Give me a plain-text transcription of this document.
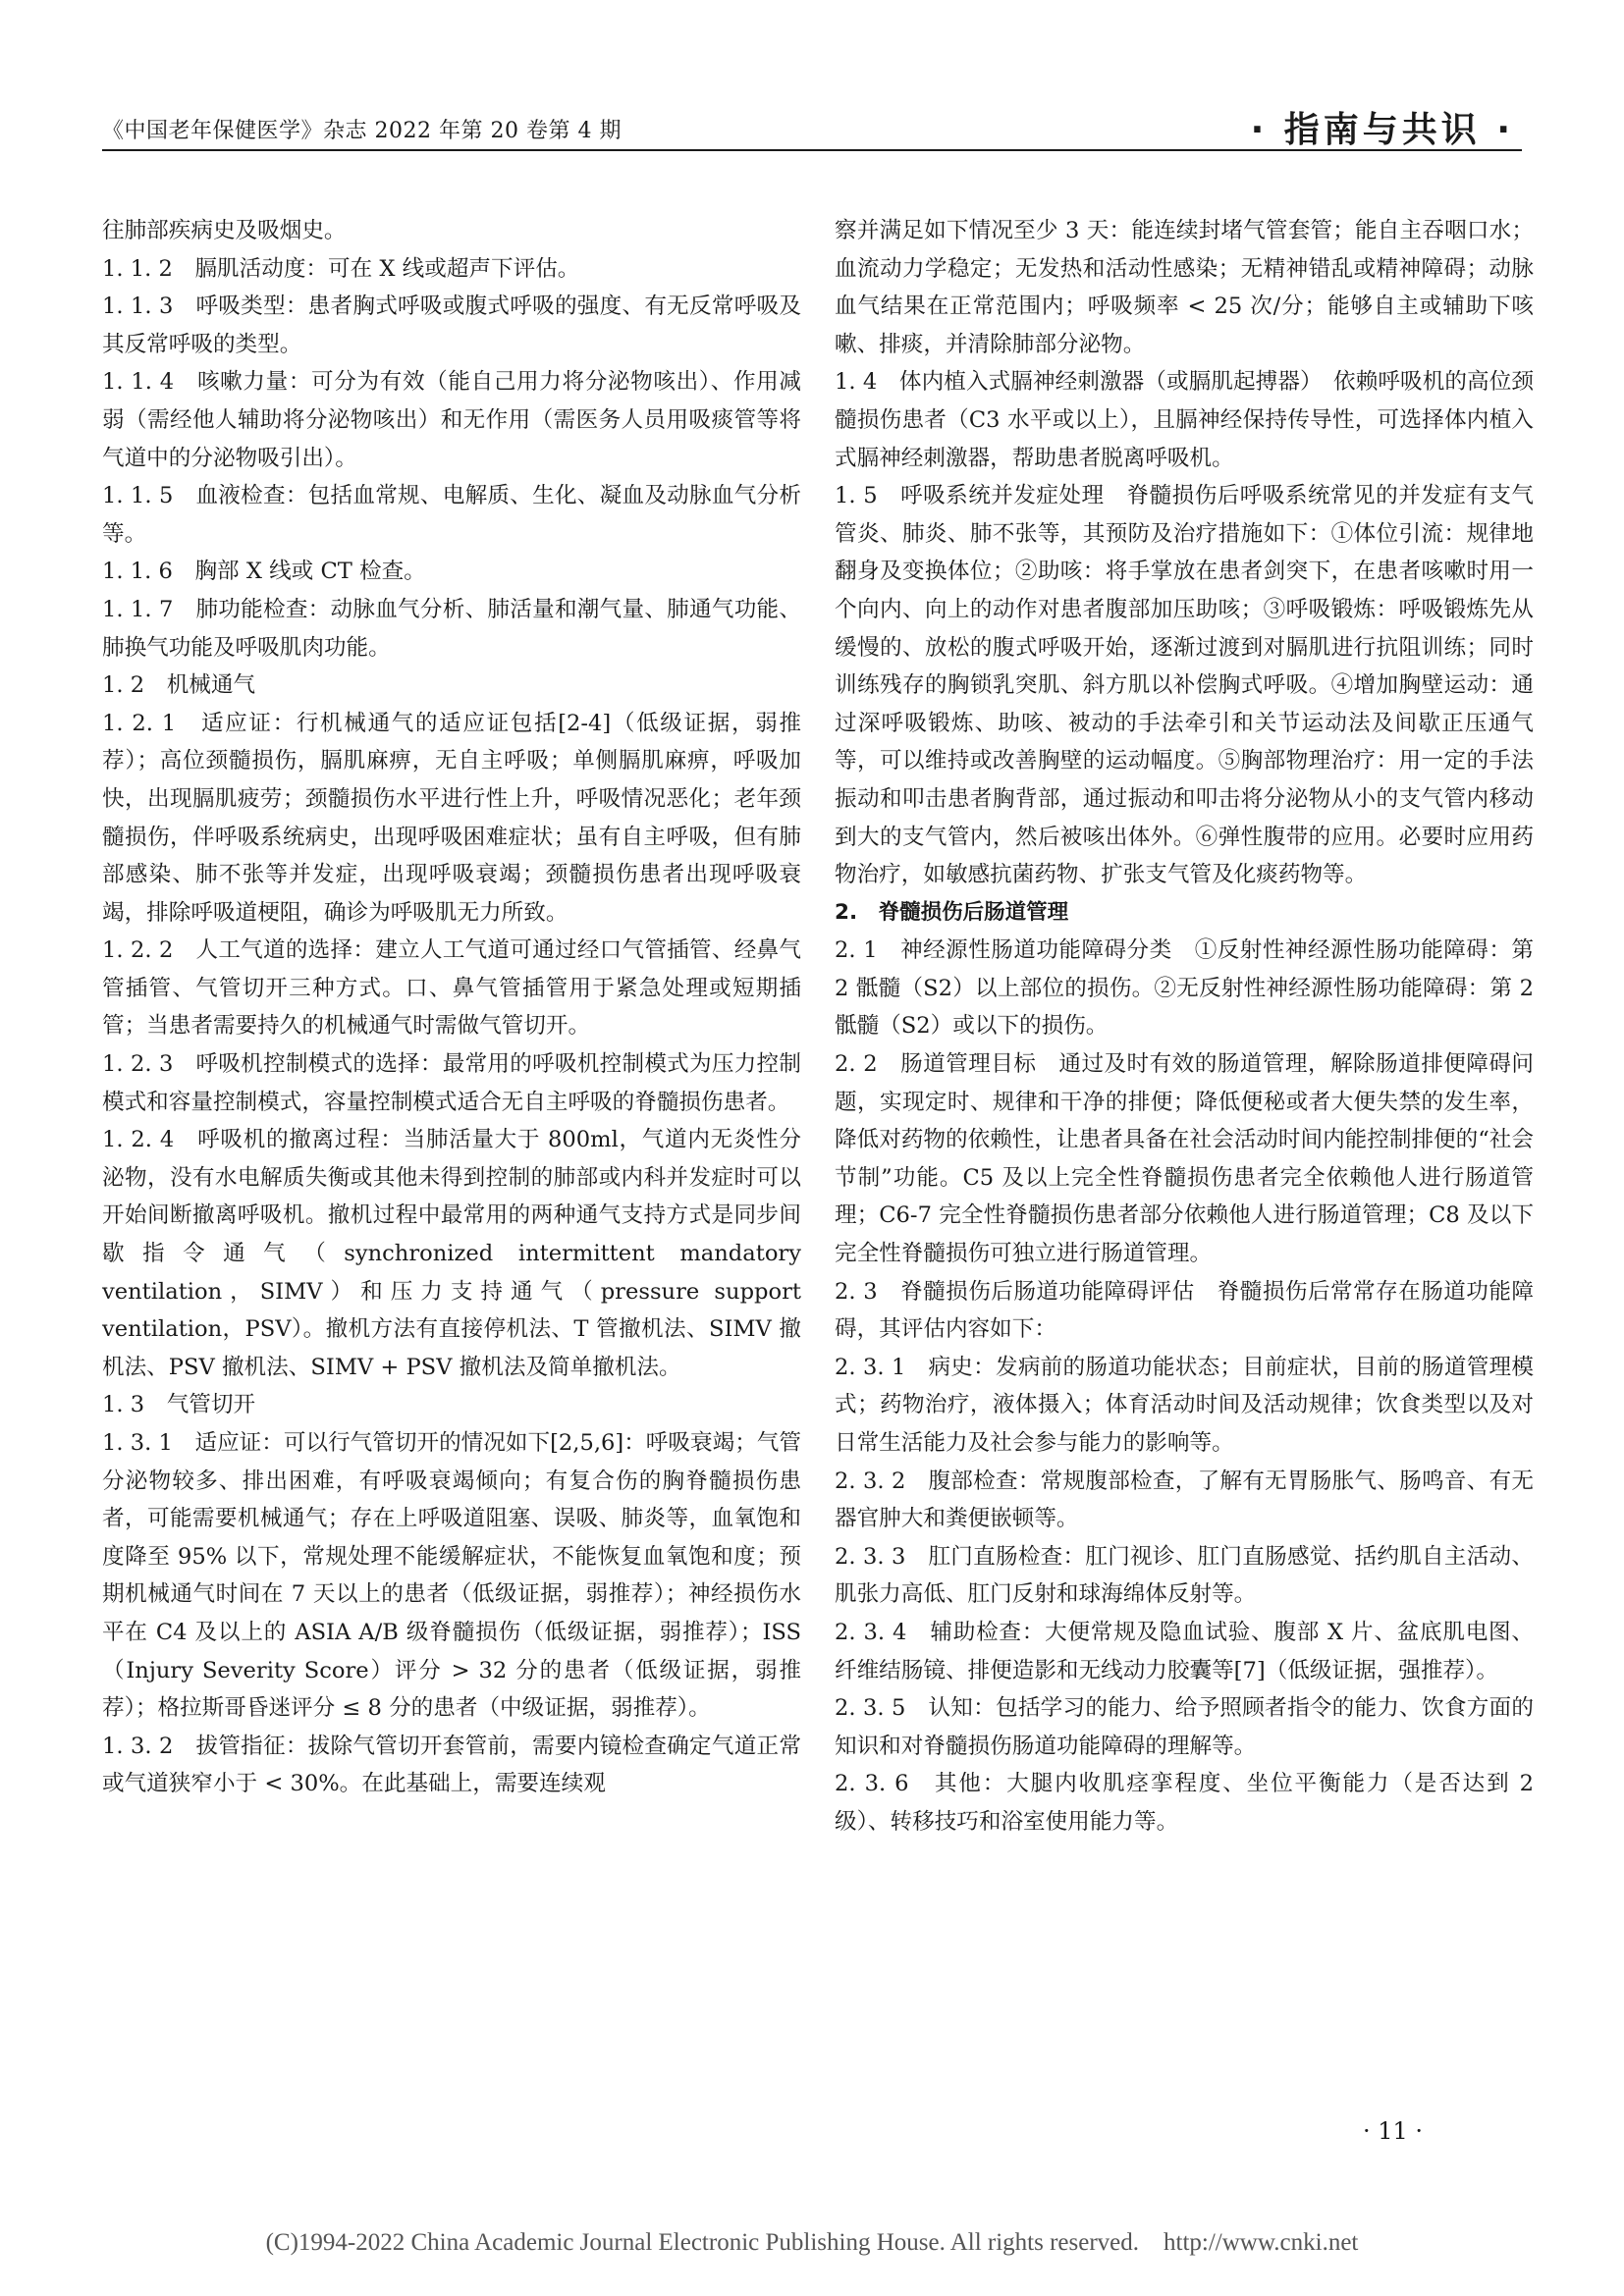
《中国老年保健医学》杂志 2022 年第 20 卷第 4 期	· 指南与共识 ·

往肺部疾病史及吸烟史。

1. 1. 2　膈肌活动度：可在 X 线或超声下评估。

1. 1. 3　呼吸类型：患者胸式呼吸或腹式呼吸的强度、有无反常呼吸及其反常呼吸的类型。

1. 1. 4　咳嗽力量：可分为有效（能自己用力将分泌物咳出）、作用减弱（需经他人辅助将分泌物咳出）和无作用（需医务人员用吸痰管等将气道中的分泌物吸引出）。

1. 1. 5　血液检查：包括血常规、电解质、生化、凝血及动脉血气分析等。

1. 1. 6　胸部 X 线或 CT 检查。

1. 1. 7　肺功能检查：动脉血气分析、肺活量和潮气量、肺通气功能、肺换气功能及呼吸肌肉功能。

1. 2　机械通气

1. 2. 1　适应证：行机械通气的适应证包括[2-4]（低级证据，弱推荐）；高位颈髓损伤，膈肌麻痹，无自主呼吸；单侧膈肌麻痹，呼吸加快，出现膈肌疲劳；颈髓损伤水平进行性上升，呼吸情况恶化；老年颈髓损伤，伴呼吸系统病史，出现呼吸困难症状；虽有自主呼吸，但有肺部感染、肺不张等并发症，出现呼吸衰竭；颈髓损伤患者出现呼吸衰竭，排除呼吸道梗阻，确诊为呼吸肌无力所致。

1. 2. 2　人工气道的选择：建立人工气道可通过经口气管插管、经鼻气管插管、气管切开三种方式。口、鼻气管插管用于紧急处理或短期插管；当患者需要持久的机械通气时需做气管切开。

1. 2. 3　呼吸机控制模式的选择：最常用的呼吸机控制模式为压力控制模式和容量控制模式，容量控制模式适合无自主呼吸的脊髓损伤患者。

1. 2. 4　呼吸机的撤离过程：当肺活量大于 800ml，气道内无炎性分泌物，没有水电解质失衡或其他未得到控制的肺部或内科并发症时可以开始间断撤离呼吸机。撤机过程中最常用的两种通气支持方式是同步间歇指令通气（synchronized intermittent mandatory ventilation，SIMV）和压力支持通气（pressure support ventilation，PSV）。撤机方法有直接停机法、T 管撤机法、SIMV 撤机法、PSV 撤机法、SIMV + PSV 撤机法及简单撤机法。

1. 3　气管切开

1. 3. 1　适应证：可以行气管切开的情况如下[2,5,6]：呼吸衰竭；气管分泌物较多、排出困难，有呼吸衰竭倾向；有复合伤的胸脊髓损伤患者，可能需要机械通气；存在上呼吸道阻塞、误吸、肺炎等，血氧饱和度降至 95% 以下，常规处理不能缓解症状，不能恢复血氧饱和度；预期机械通气时间在 7 天以上的患者（低级证据，弱推荐）；神经损伤水平在 C4 及以上的 ASIA A/B 级脊髓损伤（低级证据，弱推荐）；ISS（Injury Severity Score）评分 > 32 分的患者（低级证据，弱推荐）；格拉斯哥昏迷评分 ≤ 8 分的患者（中级证据，弱推荐）。

1. 3. 2　拔管指征：拔除气管切开套管前，需要内镜检查确定气道正常或气道狭窄小于 < 30%。在此基础上，需要连续观

察并满足如下情况至少 3 天：能连续封堵气管套管；能自主吞咽口水；血流动力学稳定；无发热和活动性感染；无精神错乱或精神障碍；动脉血气结果在正常范围内；呼吸频率 < 25 次/分；能够自主或辅助下咳嗽、排痰，并清除肺部分泌物。

1. 4　体内植入式膈神经刺激器（或膈肌起搏器）　依赖呼吸机的高位颈髓损伤患者（C3 水平或以上），且膈神经保持传导性，可选择体内植入式膈神经刺激器，帮助患者脱离呼吸机。

1. 5　呼吸系统并发症处理　脊髓损伤后呼吸系统常见的并发症有支气管炎、肺炎、肺不张等，其预防及治疗措施如下：①体位引流：规律地翻身及变换体位；②助咳：将手掌放在患者剑突下，在患者咳嗽时用一个向内、向上的动作对患者腹部加压助咳；③呼吸锻炼：呼吸锻炼先从缓慢的、放松的腹式呼吸开始，逐渐过渡到对膈肌进行抗阻训练；同时训练残存的胸锁乳突肌、斜方肌以补偿胸式呼吸。④增加胸壁运动：通过深呼吸锻炼、助咳、被动的手法牵引和关节运动法及间歇正压通气等，可以维持或改善胸壁的运动幅度。⑤胸部物理治疗：用一定的手法振动和叩击患者胸背部，通过振动和叩击将分泌物从小的支气管内移动到大的支气管内，然后被咳出体外。⑥弹性腹带的应用。必要时应用药物治疗，如敏感抗菌药物、扩张支气管及化痰药物等。

2.　脊髓损伤后肠道管理

2. 1　神经源性肠道功能障碍分类　①反射性神经源性肠功能障碍：第 2 骶髓（S2）以上部位的损伤。②无反射性神经源性肠功能障碍：第 2 骶髓（S2）或以下的损伤。

2. 2　肠道管理目标　通过及时有效的肠道管理，解除肠道排便障碍问题，实现定时、规律和干净的排便；降低便秘或者大便失禁的发生率，降低对药物的依赖性，让患者具备在社会活动时间内能控制排便的“社会节制”功能。C5 及以上完全性脊髓损伤患者完全依赖他人进行肠道管理；C6-7 完全性脊髓损伤患者部分依赖他人进行肠道管理；C8 及以下完全性脊髓损伤可独立进行肠道管理。

2. 3　脊髓损伤后肠道功能障碍评估　脊髓损伤后常常存在肠道功能障碍，其评估内容如下：

2. 3. 1　病史：发病前的肠道功能状态；目前症状，目前的肠道管理模式；药物治疗，液体摄入；体育活动时间及活动规律；饮食类型以及对日常生活能力及社会参与能力的影响等。

2. 3. 2　腹部检查：常规腹部检查，了解有无胃肠胀气、肠鸣音、有无器官肿大和粪便嵌顿等。

2. 3. 3　肛门直肠检查：肛门视诊、肛门直肠感觉、括约肌自主活动、肌张力高低、肛门反射和球海绵体反射等。

2. 3. 4　辅助检查：大便常规及隐血试验、腹部 X 片、盆底肌电图、纤维结肠镜、排便造影和无线动力胶囊等[7]（低级证据，强推荐）。

2. 3. 5　认知：包括学习的能力、给予照顾者指令的能力、饮食方面的知识和对脊髓损伤肠道功能障碍的理解等。

2. 3. 6　其他：大腿内收肌痉挛程度、坐位平衡能力（是否达到 2 级）、转移技巧和浴室使用能力等。

· 11 ·
(C)1994-2022 China Academic Journal Electronic Publishing House. All rights reserved.　http://www.cnki.net
